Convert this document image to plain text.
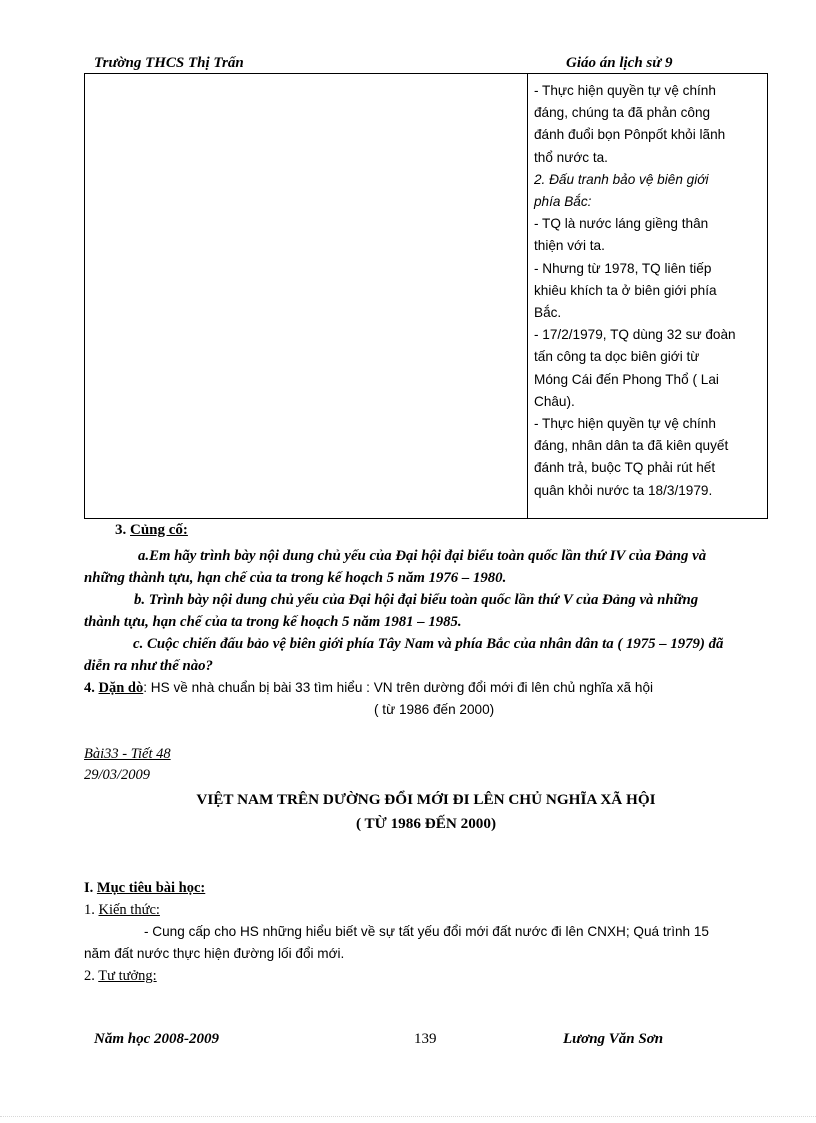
Trường THCS Thị Trấn	Giáo án lịch sử 9
- Thực hiện quyền tự vệ chính
đáng, chúng ta đã phản công
đánh đuổi bọn Pônpốt khỏi lãnh
thổ nước ta.
2. Đấu tranh bảo vệ biên giới
phía Bắc:
- TQ là nước láng giềng thân
thiện với ta.
- Nhưng từ 1978, TQ liên tiếp
khiêu khích ta ở biên giới phía
Bắc.
- 17/2/1979, TQ dùng 32 sư đoàn
tấn công ta dọc biên giới từ
Móng Cái đến Phong Thổ ( Lai
Châu).
- Thực hiện quyền tự vệ chính
đáng, nhân dân ta đã kiên quyết
đánh trả, buộc TQ phải rút hết
quân khỏi nước ta 18/3/1979.
3. Củng cố:
a.Em hãy trình bày nội dung chủ yếu của Đại hội đại biểu toàn quốc lần thứ IV của Đảng và
những thành tựu, hạn chế của ta trong kế hoạch 5 năm 1976 – 1980.
b. Trình bày nội dung chủ yếu của Đại hội đại biểu toàn quốc lần thứ V của Đảng và những
thành tựu, hạn chế của ta trong kế hoạch 5 năm 1981 – 1985.
c. Cuộc chiến đấu bảo vệ biên giới phía Tây Nam và phía Bắc của nhân dân ta ( 1975 – 1979) đã
diễn ra như thế nào?
4. Dặn dò: HS về nhà chuẩn bị bài 33 tìm hiểu : VN trên dường đổi mới đi lên chủ nghĩa xã hội
( từ 1986 đến 2000)
Bài33 - Tiết 48
29/03/2009
VIỆT NAM TRÊN DƯỜNG ĐỔI MỚI ĐI LÊN CHỦ NGHĨA XÃ HỘI
( TỪ 1986 ĐẾN 2000)
I. Mục tiêu bài học:
1. Kiến thức:
- Cung cấp cho HS những hiểu biết về sự tất yếu đổi mới đất nước đi lên CNXH; Quá trình 15
năm đất nước thực hiện đường lối đổi mới.
2. Tư tưởng:
Năm học 2008-2009	139	Lương Văn Sơn
